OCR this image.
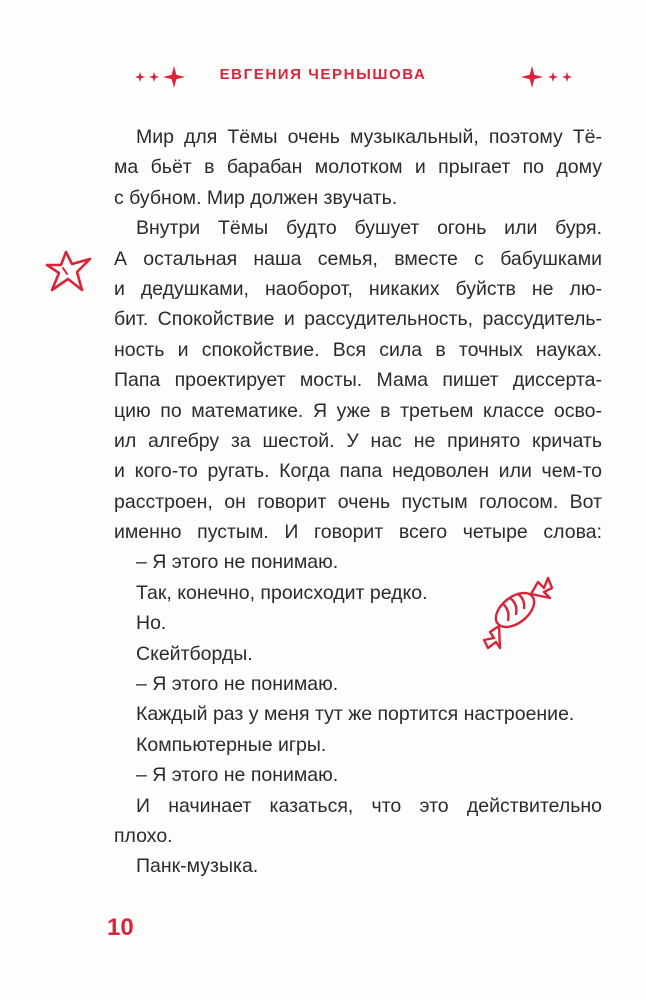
ЕВГЕНИЯ ЧЕРНЫШОВА
Мир для Тёмы очень музыкальный, поэтому Тё-
ма бьёт в барабан молотком и прыгает по дому
с бубном. Мир должен звучать.
Внутри Тёмы будто бушует огонь или буря.
А остальная наша семья, вместе с бабушками
и дедушками, наоборот, никаких буйств не лю-
бит. Спокойствие и рассудительность, рассудитель-
ность и спокойствие. Вся сила в точных науках.
Папа проектирует мосты. Мама пишет диссерта-
цию по математике. Я уже в третьем классе осво-
ил алгебру за шестой. У нас не принято кричать
и кого-то ругать. Когда папа недоволен или чем-то
расстроен, он говорит очень пустым голосом. Вот
именно пустым. И говорит всего четыре слова:
– Я этого не понимаю.
Так, конечно, происходит редко.
Но.
Скейтборды.
– Я этого не понимаю.
Каждый раз у меня тут же портится настроение.
Компьютерные игры.
– Я этого не понимаю.
И начинает казаться, что это действительно
плохо.
Панк-музыка.
10
